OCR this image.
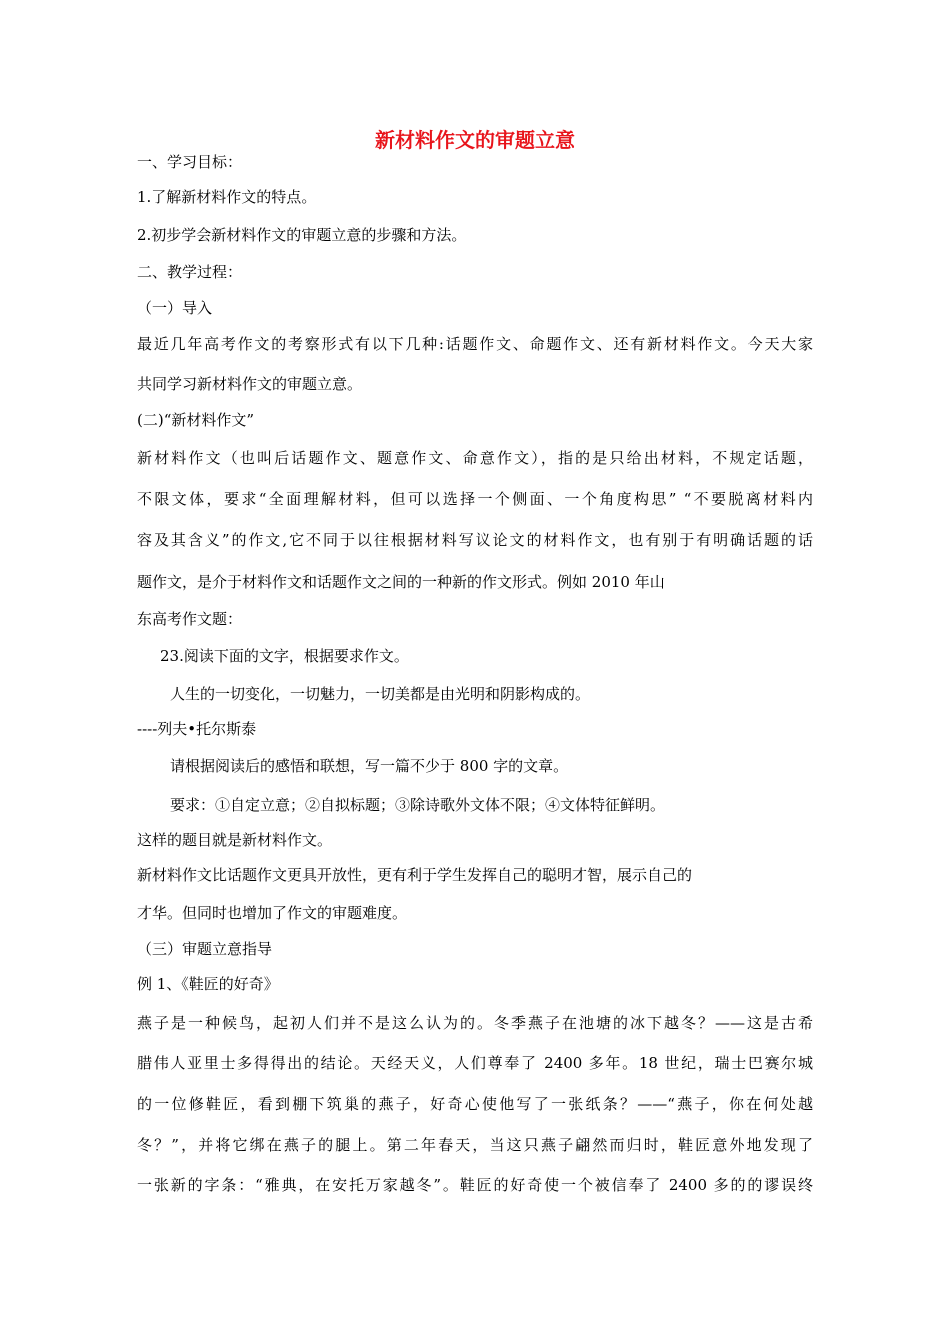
新材料作文的审题立意
一、学习目标：
1.了解新材料作文的特点。
2.初步学会新材料作文的审题立意的步骤和方法。
二、教学过程：
（一）导入
最近几年高考作文的考察形式有以下几种:话题作文、命题作文、还有新材料作文。今天大家
共同学习新材料作文的审题立意。
(二)“新材料作文”
新材料作文（也叫后话题作文、题意作文、命意作文），指的是只给出材料，不规定话题，
不限文体，要求“全面理解材料，但可以选择一个侧面、一个角度构思” “不要脱离材料内
容及其含义”的作文,它不同于以往根据材料写议论文的材料作文，也有别于有明确话题的话
题作文，是介于材料作文和话题作文之间的一种新的作文形式。例如 2010 年山
东高考作文题：
23.阅读下面的文字，根据要求作文。
人生的一切变化，一切魅力，一切美都是由光明和阴影构成的。
----列夫•托尔斯泰
请根据阅读后的感悟和联想，写一篇不少于 800 字的文章。
要求：①自定立意；②自拟标题；③除诗歌外文体不限；④文体特征鲜明。
这样的题目就是新材料作文。
新材料作文比话题作文更具开放性，更有利于学生发挥自己的聪明才智，展示自己的
才华。但同时也增加了作文的审题难度。
（三）审题立意指导
例 1、《鞋匠的好奇》
燕子是一种候鸟，起初人们并不是这么认为的。冬季燕子在池塘的冰下越冬？——这是古希
腊伟人亚里士多得得出的结论。天经天义，人们尊奉了 2400 多年。18 世纪，瑞士巴赛尔城
的一位修鞋匠，看到棚下筑巢的燕子，好奇心使他写了一张纸条？——“燕子，你在何处越
冬？”，并将它绑在燕子的腿上。第二年春天，当这只燕子翩然而归时，鞋匠意外地发现了
一张新的字条：“雅典，在安托万家越冬”。鞋匠的好奇使一个被信奉了 2400 多的的谬误终
